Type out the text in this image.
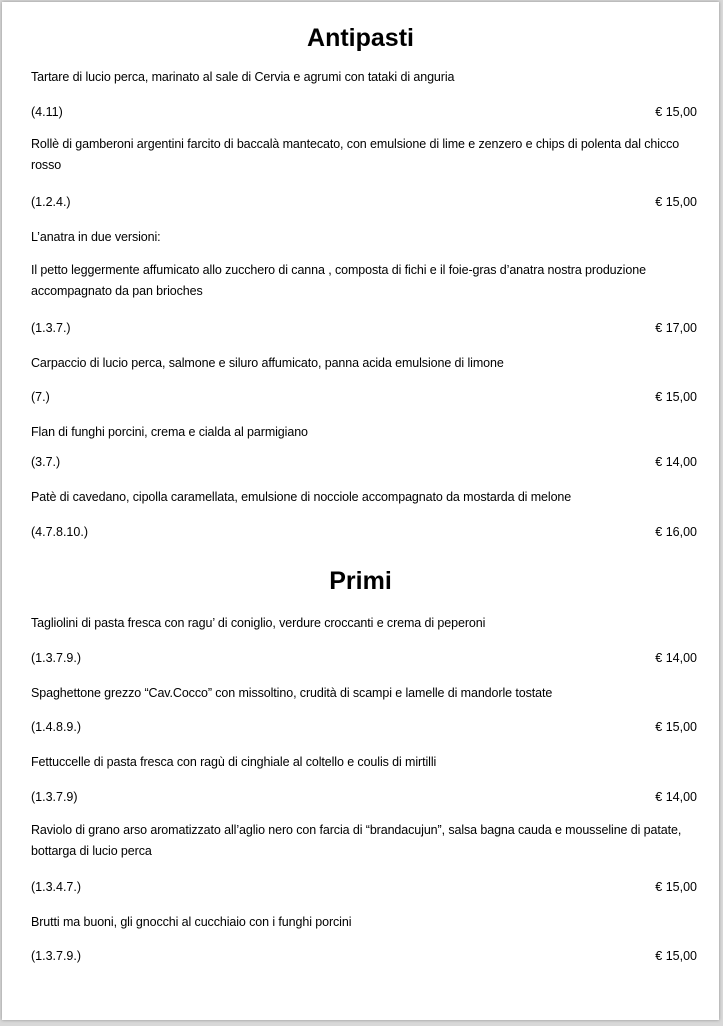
Antipasti
Tartare di lucio perca, marinato al sale di Cervia e agrumi con tataki di anguria
(4.11)	€ 15,00
Rollè di gamberoni argentini farcito di baccalà mantecato, con emulsione di lime e zenzero e chips di polenta dal chicco rosso
(1.2.4.)	€ 15,00
L’anatra in due versioni:
Il petto leggermente affumicato allo zucchero di canna , composta di fichi e il foie-gras d’anatra nostra produzione accompagnato da pan brioches
(1.3.7.)	€ 17,00
Carpaccio di lucio perca, salmone e siluro affumicato, panna acida emulsione di limone
(7.)	€ 15,00
Flan di funghi porcini, crema e cialda al parmigiano
(3.7.)	€ 14,00
Patè di cavedano, cipolla caramellata, emulsione di nocciole accompagnato da mostarda di melone
(4.7.8.10.)	€ 16,00
Primi
Tagliolini di pasta fresca con ragu’ di coniglio, verdure croccanti e crema di peperoni
(1.3.7.9.)	€ 14,00
Spaghettone grezzo “Cav.Cocco” con missoltino, crudità di scampi e lamelle di mandorle tostate
(1.4.8.9.)	€ 15,00
Fettuccelle di pasta fresca con ragù di cinghiale al coltello e coulis di mirtilli
(1.3.7.9)	€ 14,00
Raviolo di grano arso aromatizzato all’aglio nero con farcia di “brandacujun”, salsa bagna cauda e mousseline di patate, bottarga di lucio perca
(1.3.4.7.)	€ 15,00
Brutti ma buoni, gli gnocchi al cucchiaio con i funghi porcini
(1.3.7.9.)	€ 15,00
